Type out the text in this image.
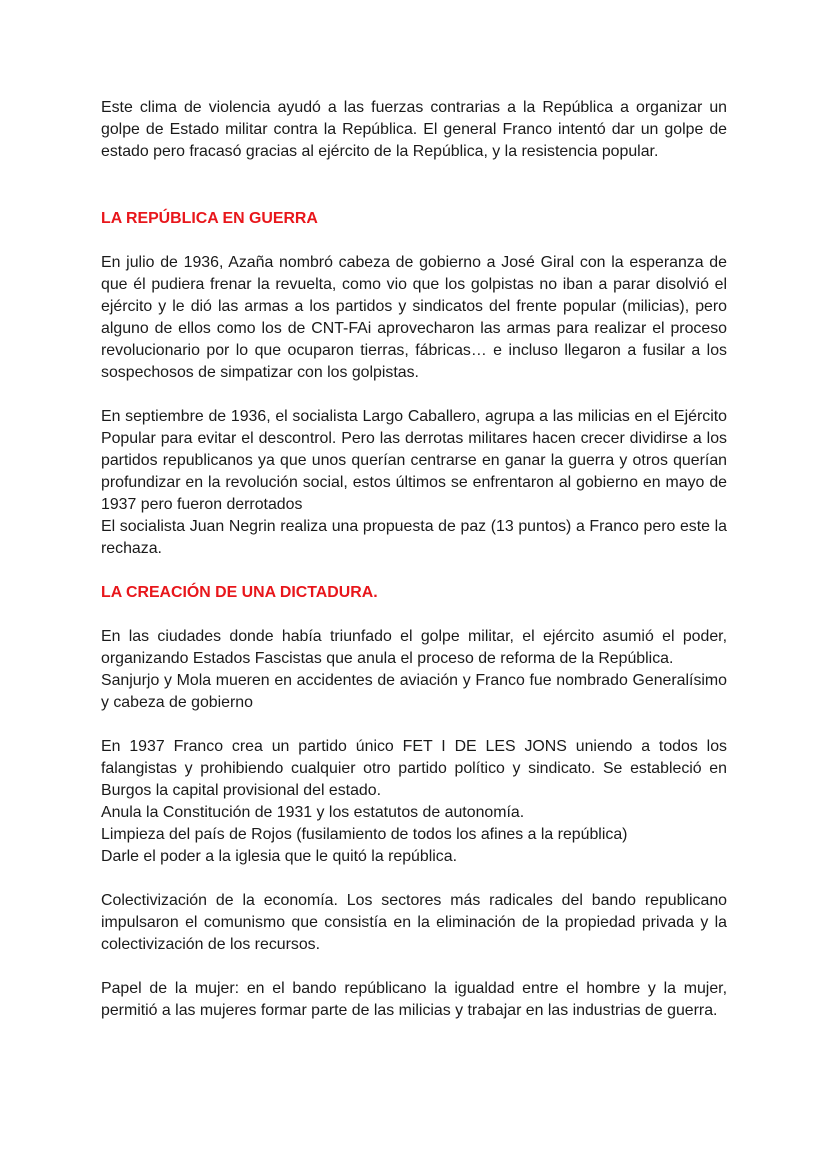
Este clima de violencia ayudó a las fuerzas contrarias a la República a organizar un golpe de Estado militar contra la República. El general Franco intentó dar un golpe de estado pero fracasó gracias al ejército de la República, y la resistencia popular.

LA REPÚBLICA EN GUERRA

En julio de 1936, Azaña nombró cabeza de gobierno a José Giral con la esperanza de que él pudiera frenar la revuelta, como vio que los golpistas no iban a parar disolvió el ejército y le dió las armas a los partidos y sindicatos del frente popular (milicias), pero alguno de ellos como los de CNT-FAi aprovecharon las armas para realizar el proceso revolucionario por lo que ocuparon tierras, fábricas… e incluso llegaron a fusilar a los sospechosos de simpatizar con los golpistas.

En septiembre de 1936, el socialista Largo Caballero, agrupa a las milicias en el Ejército Popular para evitar el descontrol. Pero las derrotas militares hacen crecer dividirse a los partidos republicanos ya que unos querían centrarse en ganar la guerra y otros querían profundizar en la revolución social, estos últimos se enfrentaron al gobierno en mayo de 1937 pero fueron derrotados

El socialista Juan Negrin realiza una propuesta de paz (13 puntos) a Franco pero este la rechaza.

LA CREACIÓN DE UNA DICTADURA.

En las ciudades donde había triunfado el golpe militar, el ejército asumió el poder, organizando Estados Fascistas que anula el proceso de reforma de la República.

Sanjurjo y Mola mueren en accidentes de aviación y Franco fue nombrado Generalísimo y cabeza de gobierno

En 1937 Franco crea un partido único FET I DE LES JONS uniendo a todos los falangistas y prohibiendo cualquier otro partido político y sindicato. Se estableció en Burgos la capital provisional del estado.

Anula la Constitución de 1931 y los estatutos de autonomía.

Limpieza del país de Rojos (fusilamiento de todos los afines a la república)

Darle el poder a la iglesia que le quitó la república.

Colectivización de la economía. Los sectores más radicales del bando republicano impulsaron el comunismo que consistía en la eliminación de la propiedad privada y la colectivización de los recursos.

Papel de la mujer: en el bando repúblicano la igualdad entre el hombre y la mujer, permitió a las mujeres formar parte de las milicias y trabajar en las industrias de guerra.
